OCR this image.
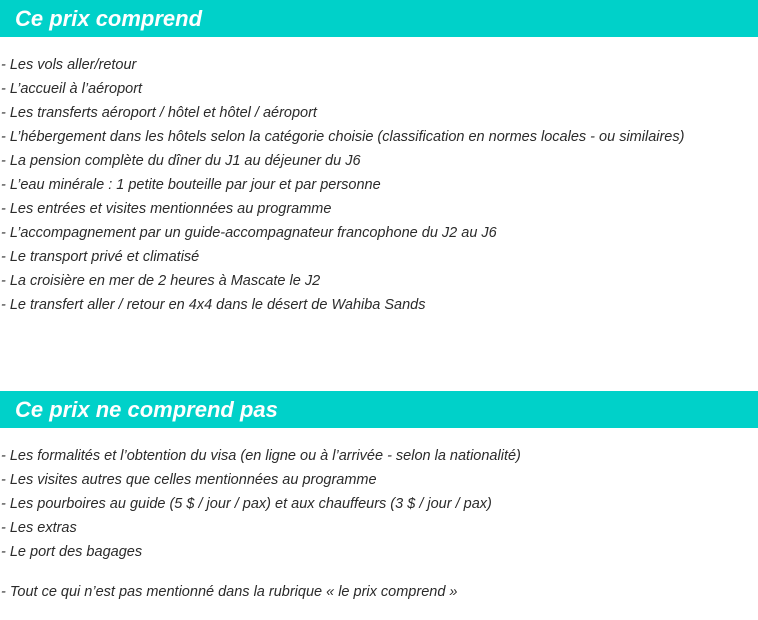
Ce prix comprend
- Les vols aller/retour
- L’accueil à l’aéroport
- Les transferts aéroport / hôtel et hôtel / aéroport
- L’hébergement dans les hôtels selon la catégorie choisie (classification en normes locales - ou similaires)
- La pension complète du dîner du J1 au déjeuner du J6
- L’eau minérale : 1 petite bouteille par jour et par personne
- Les entrées et visites mentionnées au programme
- L’accompagnement par un guide-accompagnateur francophone du J2 au J6
- Le transport privé et climatisé
- La croisière en mer de 2 heures à Mascate le J2
- Le transfert aller / retour en 4x4 dans le désert de Wahiba Sands
Ce prix ne comprend pas
- Les formalités et l’obtention du visa (en ligne ou à l’arrivée - selon la nationalité)
- Les visites autres que celles mentionnées au programme
- Les pourboires au guide (5 $ / jour / pax) et aux chauffeurs (3 $ / jour / pax)
- Les extras
- Le port des bagages

- Tout ce qui n’est pas mentionné dans la rubrique « le prix comprend »
